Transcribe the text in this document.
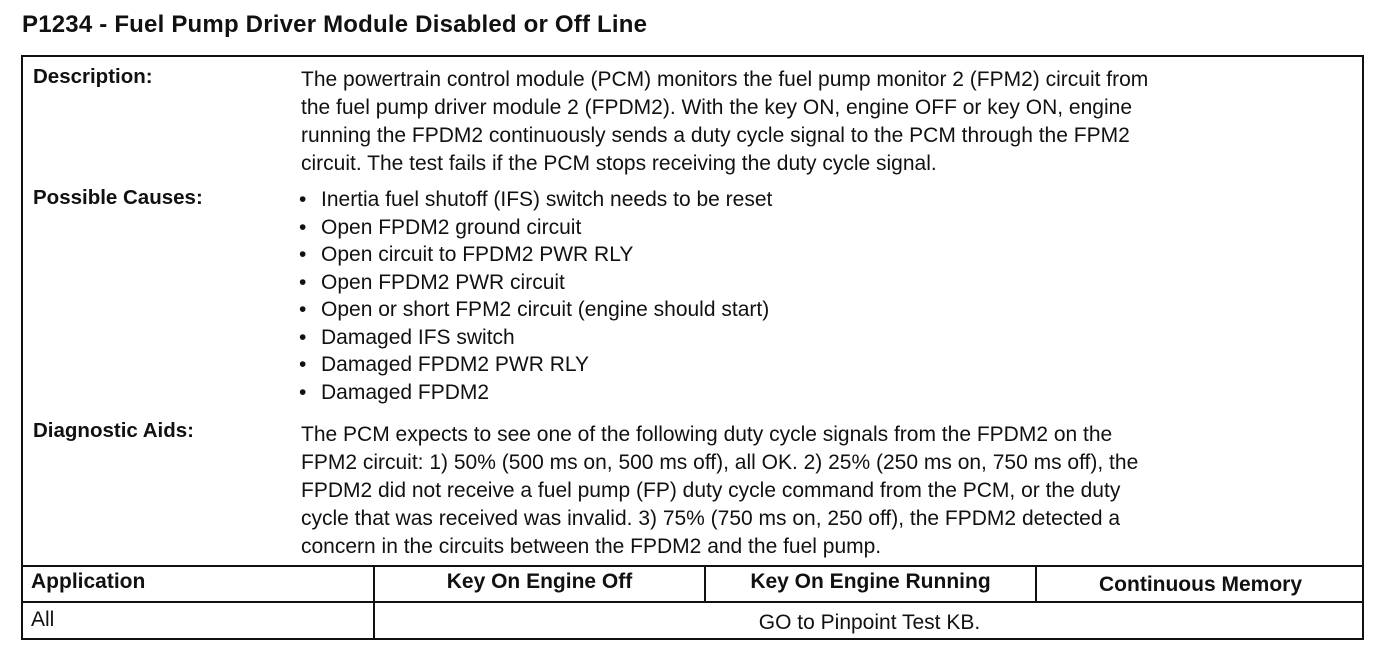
P1234 - Fuel Pump Driver Module Disabled or Off Line
Description:	The powertrain control module (PCM) monitors the fuel pump monitor 2 (FPM2) circuit from
the fuel pump driver module 2 (FPDM2). With the key ON, engine OFF or key ON, engine
running the FPDM2 continuously sends a duty cycle signal to the PCM through the FPM2
circuit. The test fails if the PCM stops receiving the duty cycle signal.
Possible Causes:	• Inertia fuel shutoff (IFS) switch needs to be reset
• Open FPDM2 ground circuit
• Open circuit to FPDM2 PWR RLY
• Open FPDM2 PWR circuit
• Open or short FPM2 circuit (engine should start)
• Damaged IFS switch
• Damaged FPDM2 PWR RLY
• Damaged FPDM2
Diagnostic Aids:	The PCM expects to see one of the following duty cycle signals from the FPDM2 on the
FPM2 circuit: 1) 50% (500 ms on, 500 ms off), all OK. 2) 25% (250 ms on, 750 ms off), the
FPDM2 did not receive a fuel pump (FP) duty cycle command from the PCM, or the duty
cycle that was received was invalid. 3) 75% (750 ms on, 250 off), the FPDM2 detected a
concern in the circuits between the FPDM2 and the fuel pump.
Application	Key On Engine Off	Key On Engine Running	Continuous Memory
All	GO to Pinpoint Test KB.
